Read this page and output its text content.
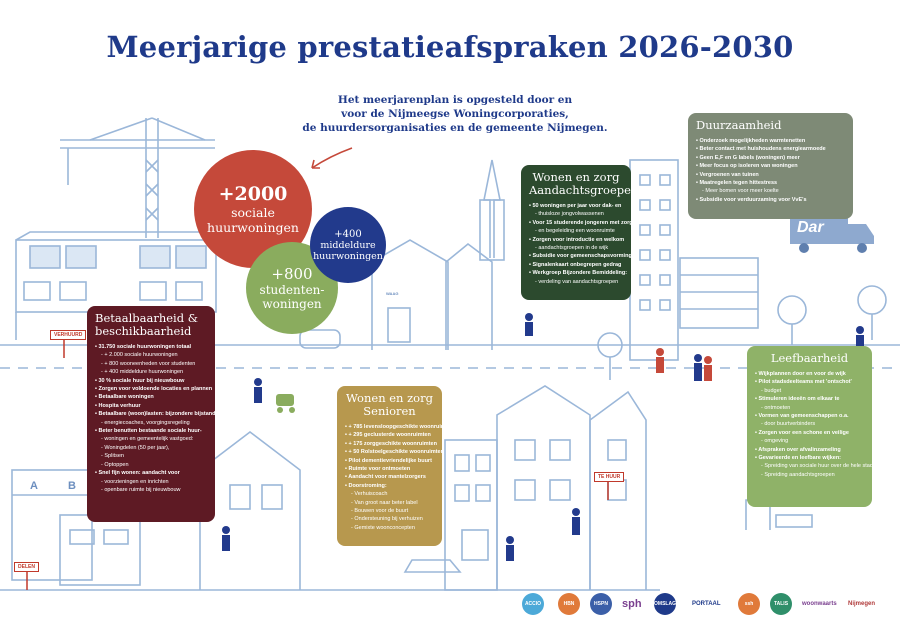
Meerjarige prestatieafspraken 2026-2030
Het meerjarenplan is opgesteld door en
voor de Nijmeegse Woningcorporaties,
de huurdersorganisaties en de gemeente Nijmegen.
+2000
sociale
huurwoningen
+800
studenten-
woningen
+400
middeldure
huurwoningen
Betaalbaarheid &
beschikbaarheid
• 31.750 sociale huurwoningen totaal
- + 2.000 sociale huurwoningen
- + 800 wooneenheden voor studenten
- + 400 middeldure huurwoningen
• 30 % sociale huur bij nieuwbouw
• Zorgen voor voldoende locaties en plannen
• Betaalbare woningen
• Hospita verhuur
• Betaalbare (woon)lasten: bijzondere bijstand,
- energiecoaches, voorgingsregeling
• Beter benutten bestaande sociale huur-
- woningen en gemeentelijk vastgoed:
- Woningdelen (50 per jaar),
- Splitsen
- Optoppen
• Snel fijn wonen: aandacht voor
- voorzieningen en inrichten
- openbare ruimte bij nieuwbouw
Wonen en zorg
Senioren
• + 785 levensloopgeschikte woonruimten
• + 295 geclusterde woonruimten
• + 175 zorggeschikte woonruimten
• + 50 Rolstoelgeschikte woonruimten
• Pilot dementievriendelijke buurt
• Ruimte voor ontmoeten
• Aandacht voor mantelzorgers
• Doorstroming:
- Verhuiscoach
- Van groot naar beter label
- Bouwen voor de buurt
- Ondersteuning bij verhuizen
- Gemixte woonconcepten
Wonen en zorg
Aandachtsgroepen
• 50 woningen per jaar voor dak- en
- thuisloze jongvolwassenen
• Voor 15 studerende jongeren met zorg
- en begeleiding een woonruimte
• Zorgen voor introductie en welkom
- aandachtsgroepen in de wijk
• Subsidie voor gemeenschapsvorming
• Signalenkaart onbegrepen gedrag
• Werkgroep Bijzondere Bemiddeling:
- verdeling van aandachtsgroepen
Duurzaamheid
• Onderzoek mogelijkheden warmtenetten
• Beter contact met huishoudens energiearmoede
• Geen E,F en G labels (woningen) meer
• Meer focus op isoleren van woningen
• Vergroenen van tuinen
• Maatregelen tegen hittestress
- Meer bomen voor meer koelte
• Subsidie voor verduurzaming voor VvE's
Leefbaarheid
• Wijkplannen door en voor de wijk
• Pilot stadsdeelteams met 'ontschot'
- budget
• Stimuleren ideeën om elkaar te
- ontmoeten
• Vormen van gemeenschappen o.a.
- door buurtverbinders
• Zorgen voor een schone en veilige
- omgeving
• Afspraken over afvalinzameling
• Gevarieerde en leefbare wijken:
- Spreiding van sociale huur over de hele stad
- Spreiding aandachtsgroepen
VERHUURD
TE HUUR
DELEN
A	B
Dar
WAAG
ACCIO	HBN	HSPN	sph OMSLAG	PORTAAL	ssh	TALIS	woonwaarts Nijmegen
